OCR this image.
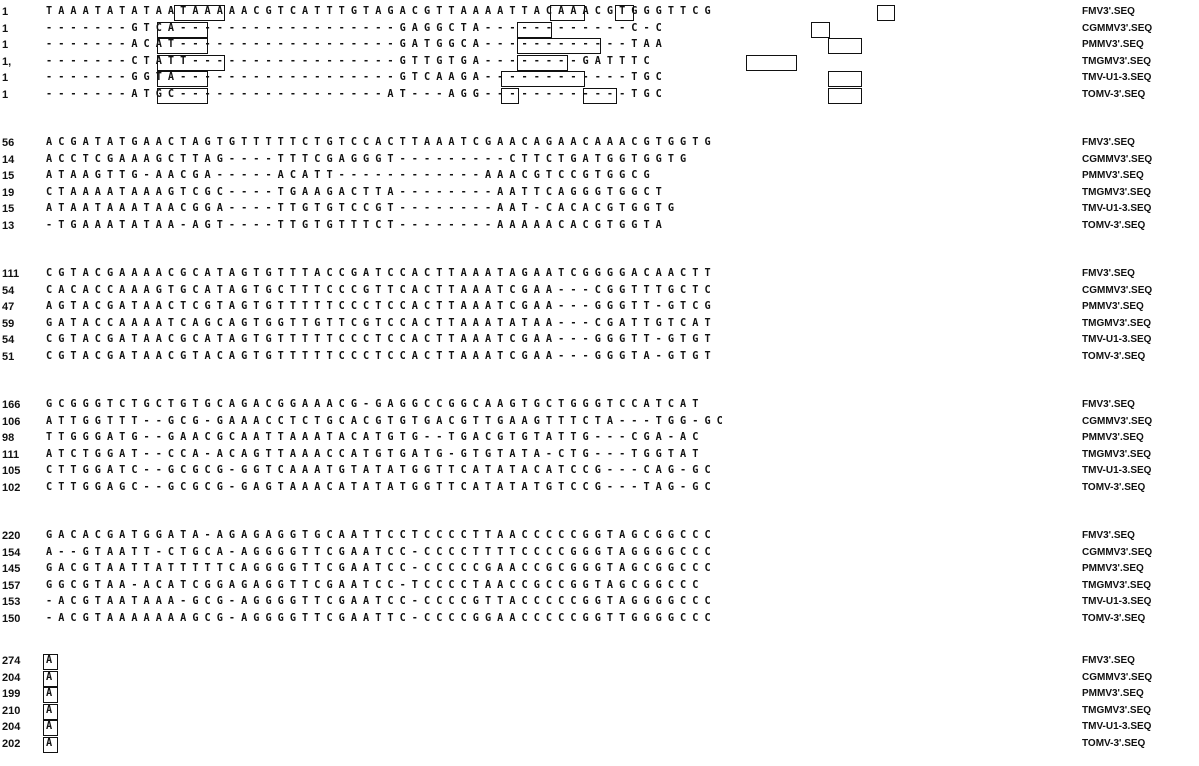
1	TAAATATATAATAAAAACGTCATTTGTAGACGTTAAAATTACAAACGTGGGTTCG	FMV3'.SEQ
1	-------GTCA------------------GAGGCTA------------C-C	CGMMV3'.SEQ
1	-------ACAT------------------GATGGCA------------TAA	PMMV3'.SEQ
1,	-------CTATT-----------------GTTGTGA--------GATTTC	TMGMV3'.SEQ
1	-------GGTA------------------GTCAAGA------------TGC	TMV-U1-3.SEQ
1	-------ATGC-----------------AT---AGG------------TGC	TOMV-3'.SEQ
56	ACGATATGAACTAGTGTTTTTCTGTCCACTTAAATCGAACAGAACAAACGTGGTG	FMV3'.SEQ
14	ACCTCGAAAGCTTAG----TTTCGAGGGT---------CTTCTGATGGTGGTG	CGMMV3'.SEQ
15	ATAAGTTG-AACGA-----ACATT------------AAACGTCCGTGGCG	PMMV3'.SEQ
19	CTAAAATAAAGTCGC----TGAAGACTTA--------AATTCAGGGTGGCT	TMGMV3'.SEQ
15	ATAATAAATAACGGA----TTGTGTCCGT--------AAT-CACACGTGGTG	TMV-U1-3.SEQ
13	-TGAAATATAA-AGT----TTGTGTTTCT--------AAAAACACGTGGTA	TOMV-3'.SEQ
111	CGTACGAAAACGCATAGTGTTTACCGATCCACTTAAATAGAATCGGGGACAACTT	FMV3'.SEQ
54	CACACCAAAGTGCATAGTGCTTTCCCGTTCACTTAAATCGAA---CGGTTTGCTC	CGMMV3'.SEQ
47	AGTACGATAACTCGTAGTGTTTTTCCCTCCACTTAAATCGAA---GGGTT-GTCG	PMMV3'.SEQ
59	GATACCAAAATCAGCAGTGGTTGTTCGTCCACTTAAATATAA---CGATTGTCAT	TMGMV3'.SEQ
54	CGTACGATAACGCATAGTGTTTTTCCCTCCACTTAAATCGAA---GGGTT-GTGT	TMV-U1-3.SEQ
51	CGTACGATAACGTACAGTGTTTTTCCCTCCACTTAAATCGAA---GGGTA-GTGT	TOMV-3'.SEQ
166	GCGGGTCTGCTGTGCAGACGGAAACG-GAGGCCGGCAAGTGCTGGGTCCATCAT	FMV3'.SEQ
106	ATTGGTTT--GCG-GAAACCTCTGCACGTGTGACGTTGAAGTTTCTA---TGG-GC	CGMMV3'.SEQ
98	TTGGGATG--GAACGCAATTAAATACATGTG--TGACGTGTATTG---CGA-AC	PMMV3'.SEQ
111	ATCTGGAT--CCA-ACAGTTAAACCATGTGATG-GTGTATA-CTG---TGGTAT	TMGMV3'.SEQ
105	CTTGGATC--GCGCG-GGTCAAATGTATATGGTTCATATACATCCG---CAG-GC	TMV-U1-3.SEQ
102	CTTGGAGC--GCGCG-GAGTAAACATATATGGTTCATATATGTCCG---TAG-GC	TOMV-3'.SEQ
220	GACACGATGGATA-AGAGAGGTGCAATTCCTCCCCTTAACCCCCGGTAGCGGCCC	FMV3'.SEQ
154	A--GTAATT-CTGCA-AGGGGTTCGAATCC-CCCCTTTTCCCCGGGTAGGGGCCC	CGMMV3'.SEQ
145	GACGTAATTATTTTTCAGGGGTTCGAATCC-CCCCCGAACCGCGGGTAGCGGCCC	PMMV3'.SEQ
157	GGCGTAA-ACATCGGAGAGGTTCGAATCC-TCCCCTAACCGCCGGTAGCGGCCC	TMGMV3'.SEQ
153	-ACGTAATAAA-GCG-AGGGGTTCGAATCC-CCCCGTTACCCCCGGTAGGGGCCC	TMV-U1-3.SEQ
150	-ACGTAAAAAAAGCG-AGGGGTTCGAATTC-CCCCGGAACCCCCGGTTGGGGCCC	TOMV-3'.SEQ
274	A	FMV3'.SEQ
204	A	CGMMV3'.SEQ
199	A	PMMV3'.SEQ
210	A	TMGMV3'.SEQ
204	A	TMV-U1-3.SEQ
202	A	TOMV-3'.SEQ
